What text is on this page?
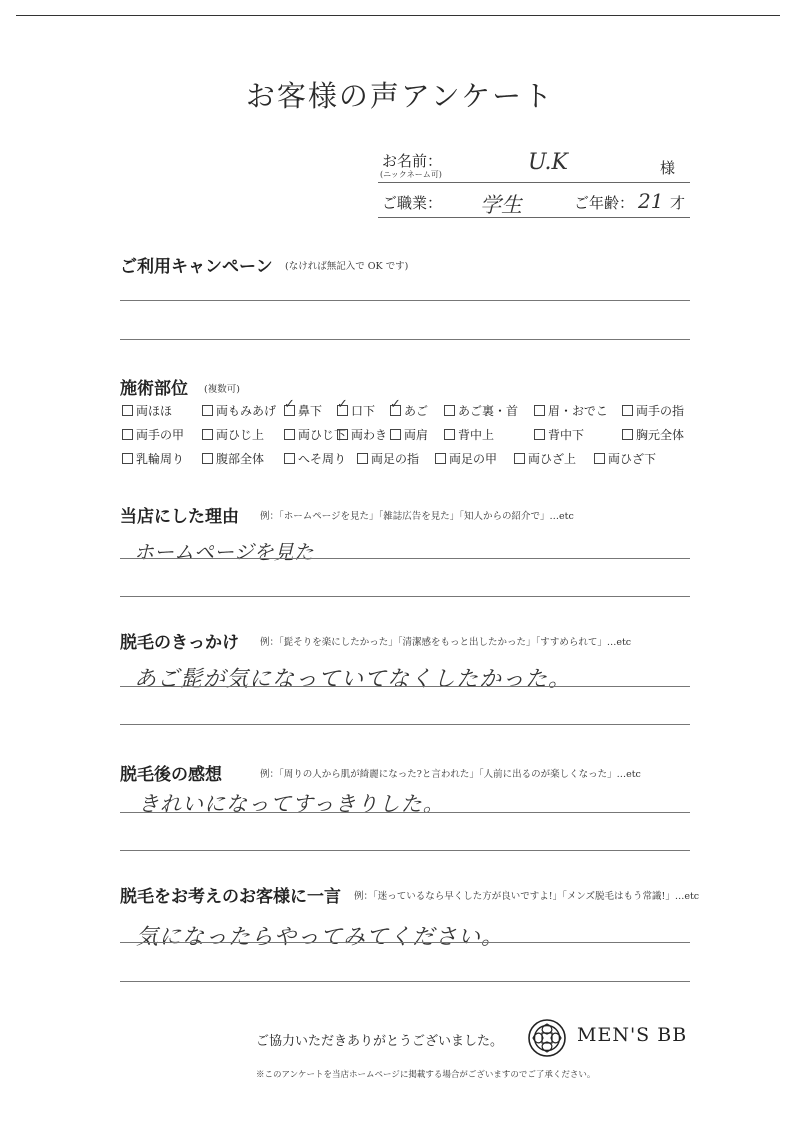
お客様の声アンケート
お名前：
(ニックネーム可)	U.K	様
ご職業： 学生	ご年齢： 21 才
ご利用キャンペーン (なければ無記入で OK です)
施術部位 (複数可)
両ほほ	両もみあげ ✓	鼻下 ✓	口下 ✓	あご	あご裏・首	眉・おでこ	両手の指
両手の甲	両ひじ上	両ひじ下 両わき	両肩	背中上	背中下	胸元全体
乳輪周り	腹部全体	へそ周り	両足の指	両足の甲	両ひざ上	両ひざ下
当店にした理由 例：「ホームページを見た」「雑誌広告を見た」「知人からの紹介で」…etc
ホームページを見た
脱毛のきっかけ 例：「髭そりを楽にしたかった」「清潔感をもっと出したかった」「すすめられて」…etc
あご髭が気になっていてなくしたかった。
脱毛後の感想	例：「周りの人から肌が綺麗になった?と言われた」「人前に出るのが楽しくなった」…etc
きれいになってすっきりした。
脱毛をお考えのお客様に一言 例：「迷っているなら早くした方が良いですよ!」「メンズ脱毛はもう常識!」…etc
気になったらやってみてください。
ご協力いただきありがとうございました。	MEN'S BB
※このアンケートを当店ホームページに掲載する場合がございますのでご了承ください。
